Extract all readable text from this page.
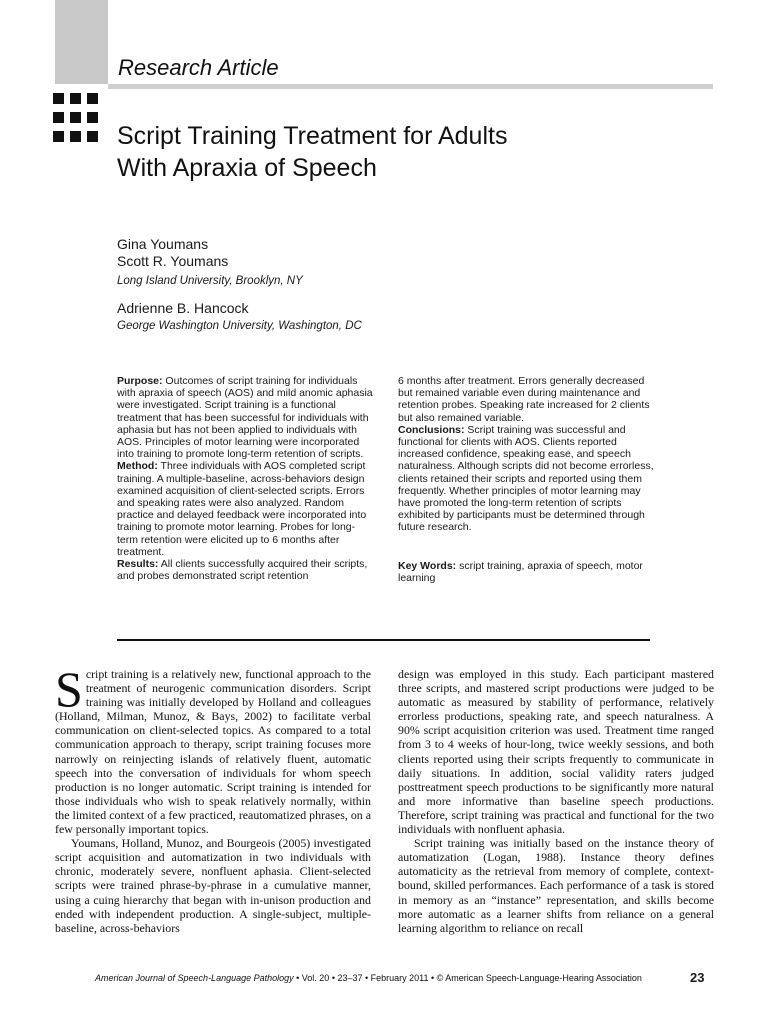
Research Article
Script Training Treatment for Adults
With Apraxia of Speech
Gina Youmans
Scott R. Youmans
Long Island University, Brooklyn, NY
Adrienne B. Hancock
George Washington University, Washington, DC

Purpose: Outcomes of script training for individuals with apraxia of speech (AOS) and mild anomic aphasia were investigated. Script training is a functional treatment that has been successful for individuals with aphasia but has not been applied to individuals with AOS. Principles of motor learning were incorporated into training to promote long-term retention of scripts.

Method: Three individuals with AOS completed script training. A multiple-baseline, across-behaviors design examined acquisition of client-selected scripts. Errors and speaking rates were also analyzed. Random practice and delayed feedback were incorporated into training to promote motor learning. Probes for long-term retention were elicited up to 6 months after treatment.

Results: All clients successfully acquired their scripts, and probes demonstrated script retention

6 months after treatment. Errors generally decreased but remained variable even during maintenance and retention probes. Speaking rate increased for 2 clients but also remained variable.

Conclusions: Script training was successful and functional for clients with AOS. Clients reported increased confidence, speaking ease, and speech naturalness. Although scripts did not become errorless, clients retained their scripts and reported using them frequently. Whether principles of motor learning may have promoted the long-term retention of scripts exhibited by participants must be determined through future research.

Key Words: script training, apraxia of speech, motor learning

Script training is a relatively new, functional approach to the treatment of neurogenic communication disorders. Script training was initially developed by Holland and colleagues (Holland, Milman, Munoz, & Bays, 2002) to facilitate verbal communication on client-selected topics. As compared to a total communication approach to therapy, script training focuses more narrowly on reinjecting islands of relatively fluent, automatic speech into the conversation of individuals for whom speech production is no longer automatic. Script training is intended for those individuals who wish to speak relatively normally, within the limited context of a few practiced, reautomatized phrases, on a few personally important topics.

Youmans, Holland, Munoz, and Bourgeois (2005) investigated script acquisition and automatization in two individuals with chronic, moderately severe, nonfluent aphasia. Client-selected scripts were trained phrase-by-phrase in a cumulative manner, using a cuing hierarchy that began with in-unison production and ended with independent production. A single-subject, multiple-baseline, across-behaviors

design was employed in this study. Each participant mastered three scripts, and mastered script productions were judged to be automatic as measured by stability of performance, relatively errorless productions, speaking rate, and speech naturalness. A 90% script acquisition criterion was used. Treatment time ranged from 3 to 4 weeks of hour-long, twice weekly sessions, and both clients reported using their scripts frequently to communicate in daily situations. In addition, social validity raters judged posttreatment speech productions to be significantly more natural and more informative than baseline speech productions. Therefore, script training was practical and functional for the two individuals with nonfluent aphasia.

Script training was initially based on the instance theory of automatization (Logan, 1988). Instance theory defines automaticity as the retrieval from memory of complete, context-bound, skilled performances. Each performance of a task is stored in memory as an “instance” representation, and skills become more automatic as a learner shifts from reliance on a general learning algorithm to reliance on recall

American Journal of Speech-Language Pathology • Vol. 20 • 23–37 • February 2011 • © American Speech-Language-Hearing Association	23
